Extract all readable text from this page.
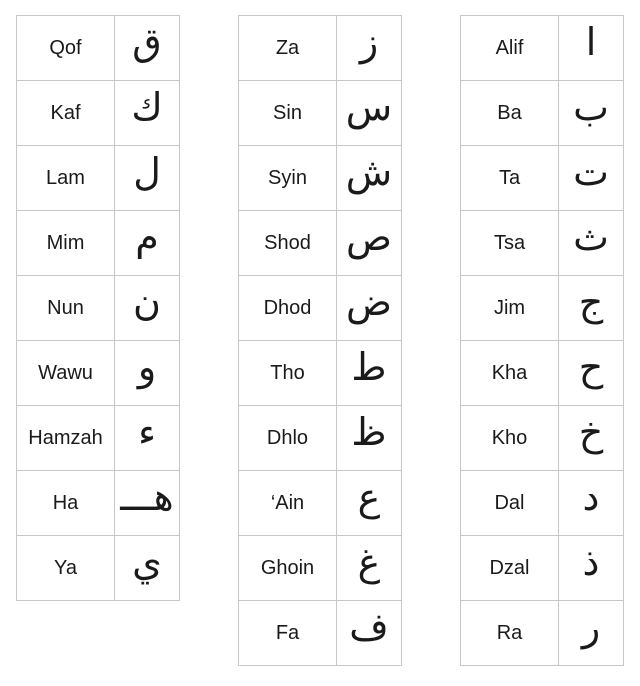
Qof	ق
Kaf	ك
Lam	ل
Mim	م
Nun	ن
Wawu	و
Hamzah	ء
Ha	هـــ
Ya	ي
Za	ز
Sin	س
Syin	ش
Shod	ص
Dhod	ض
Tho	ط
Dhlo	ظ
‘Ain	ع
Ghoin	غ
Fa	ف
Alif	ا
Ba	ب
Ta	ت
Tsa	ث
Jim	ج
Kha	ح
Kho	خ
Dal	د
Dzal	ذ
Ra	ر
